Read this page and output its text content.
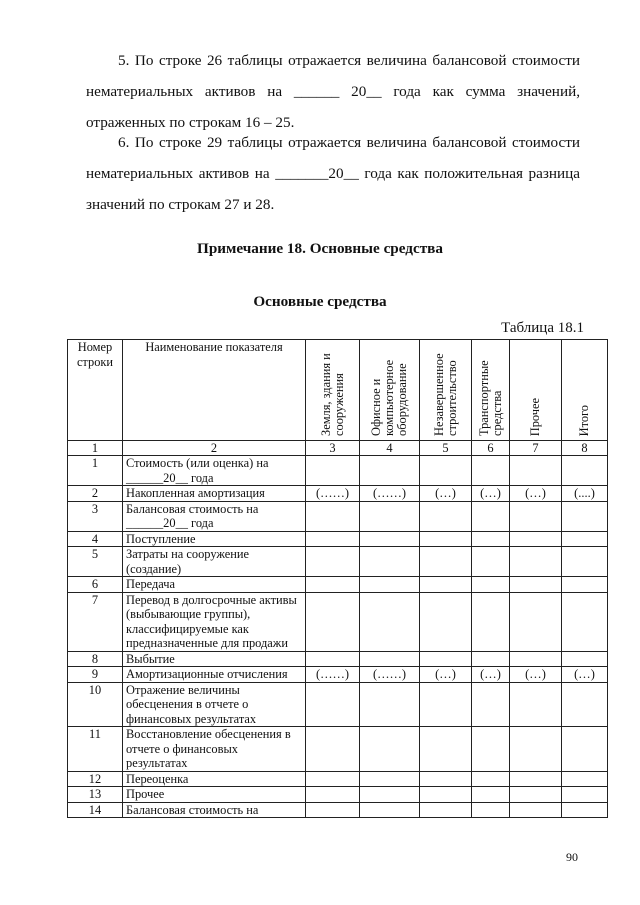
5. По строке 26 таблицы отражается величина балансовой стоимости
нематериальных активов на ______ 20__ года как сумма значений,
отраженных по строкам 16 – 25.
6. По строке 29 таблицы отражается величина балансовой стоимости
нематериальных активов на _______20__ года как положительная разница
значений по строкам 27 и 28.
Примечание 18. Основные средства
Основные средства
Таблица 18.1
Номер строки	Наименование показателя	Земля, здания и сооружения	Офисное и компьютерное оборудование	Незавершенное строительство	Транспортные средства	Прочее	Итого

1	2	3	4	5	6	7	8
1	Стоимость (или оценка) на ______20__ года						
2	Накопленная амортизация	(……)	(……)	(…)	(…)	(…)	(....)
3	Балансовая стоимость на ______20__ года						
4	Поступление						
5	Затраты на сооружение (создание)						
6	Передача						
7	Перевод в долгосрочные активы (выбывающие группы), классифицируемые как предназначенные для продажи						
8	Выбытие						
9	Амортизационные отчисления	(……)	(……)	(…)	(…)	(…)	(…)
10	Отражение величины обесценения в отчете о финансовых результатах						
11	Восстановление обесценения в отчете о финансовых результатах						
12	Переоценка						
13	Прочее						
14	Балансовая стоимость на						
90
